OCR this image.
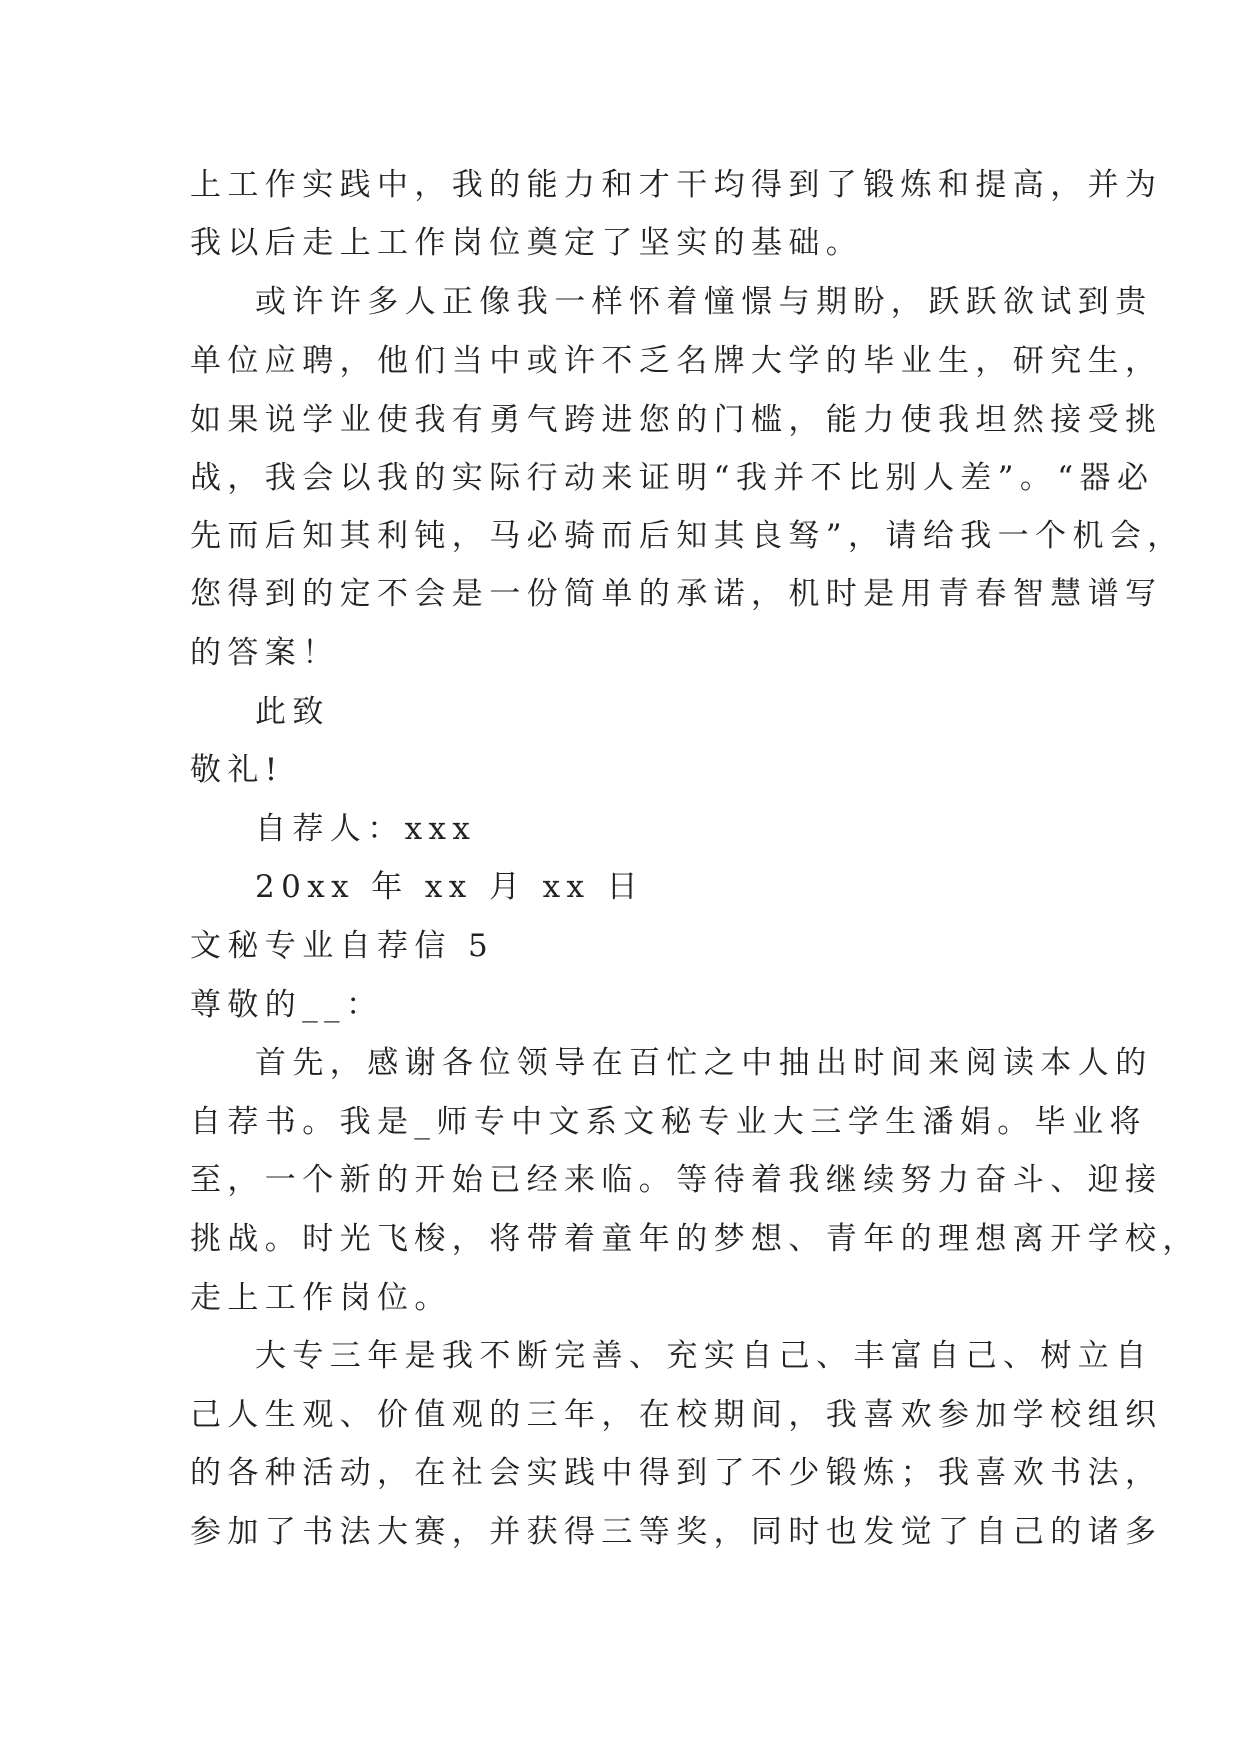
上工作实践中，我的能力和才干均得到了锻炼和提高，并为
我以后走上工作岗位奠定了坚实的基础。
或许许多人正像我一样怀着憧憬与期盼，跃跃欲试到贵
单位应聘，他们当中或许不乏名牌大学的毕业生，研究生，
如果说学业使我有勇气跨进您的门槛，能力使我坦然接受挑
战，我会以我的实际行动来证明“我并不比别人差”。“器必
先而后知其利钝，马必骑而后知其良驽”，请给我一个机会，
您得到的定不会是一份简单的承诺，机时是用青春智慧谱写
的答案！
此致
敬礼!
自荐人：xxx
20xx 年 xx 月 xx 日
文秘专业自荐信 5
尊敬的__：
首先，感谢各位领导在百忙之中抽出时间来阅读本人的
自荐书。我是_师专中文系文秘专业大三学生潘娟。毕业将
至，一个新的开始已经来临。等待着我继续努力奋斗、迎接
挑战。时光飞梭，将带着童年的梦想、青年的理想离开学校，
走上工作岗位。
大专三年是我不断完善、充实自己、丰富自己、树立自
己人生观、价值观的三年，在校期间，我喜欢参加学校组织
的各种活动，在社会实践中得到了不少锻炼；我喜欢书法，
参加了书法大赛，并获得三等奖，同时也发觉了自己的诸多
